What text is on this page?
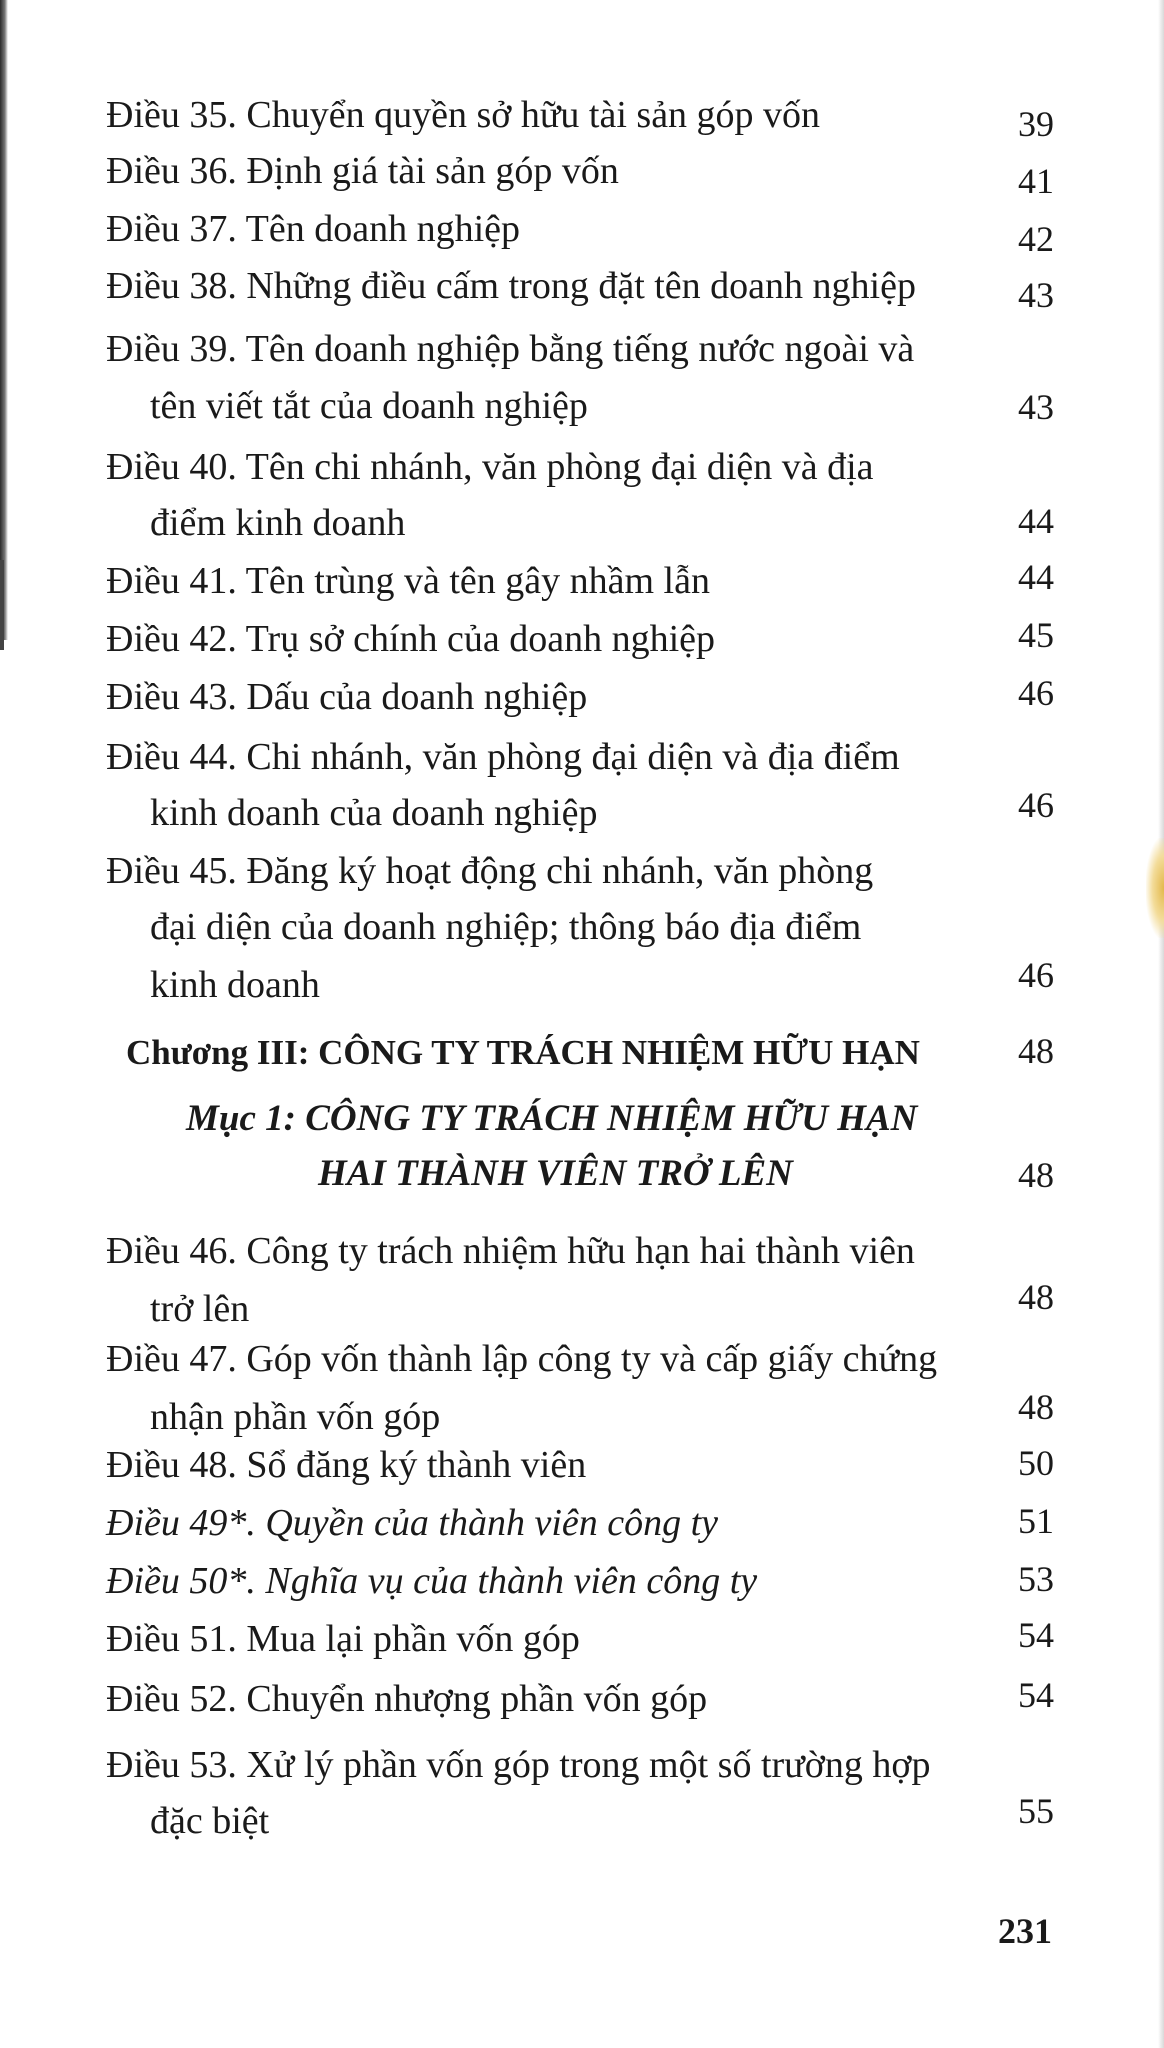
Điều 35. Chuyển quyền sở hữu tài sản góp vốn	39
Điều 36. Định giá tài sản góp vốn	41
Điều 37. Tên doanh nghiệp	42
Điều 38. Những điều cấm trong đặt tên doanh nghiệp	43
Điều 39. Tên doanh nghiệp bằng tiếng nước ngoài và
tên viết tắt của doanh nghiệp	43
Điều 40. Tên chi nhánh, văn phòng đại diện và địa
điểm kinh doanh	44
Điều 41. Tên trùng và tên gây nhầm lẫn	44
Điều 42. Trụ sở chính của doanh nghiệp	45
Điều 43. Dấu của doanh nghiệp	46
Điều 44. Chi nhánh, văn phòng đại diện và địa điểm
kinh doanh của doanh nghiệp	46
Điều 45. Đăng ký hoạt động chi nhánh, văn phòng
đại diện của doanh nghiệp; thông báo địa điểm
kinh doanh	46
Chương III: CÔNG TY TRÁCH NHIỆM HỮU HẠN	48
Mục 1: CÔNG TY TRÁCH NHIỆM HỮU HẠN
HAI THÀNH VIÊN TRỞ LÊN	48
Điều 46. Công ty trách nhiệm hữu hạn hai thành viên
trở lên	48
Điều 47. Góp vốn thành lập công ty và cấp giấy chứng
nhận phần vốn góp	48
Điều 48. Sổ đăng ký thành viên	50
Điều 49*. Quyền của thành viên công ty	51
Điều 50*. Nghĩa vụ của thành viên công ty	53
Điều 51. Mua lại phần vốn góp	54
Điều 52. Chuyển nhượng phần vốn góp	54
Điều 53. Xử lý phần vốn góp trong một số trường hợp
đặc biệt	55
231
